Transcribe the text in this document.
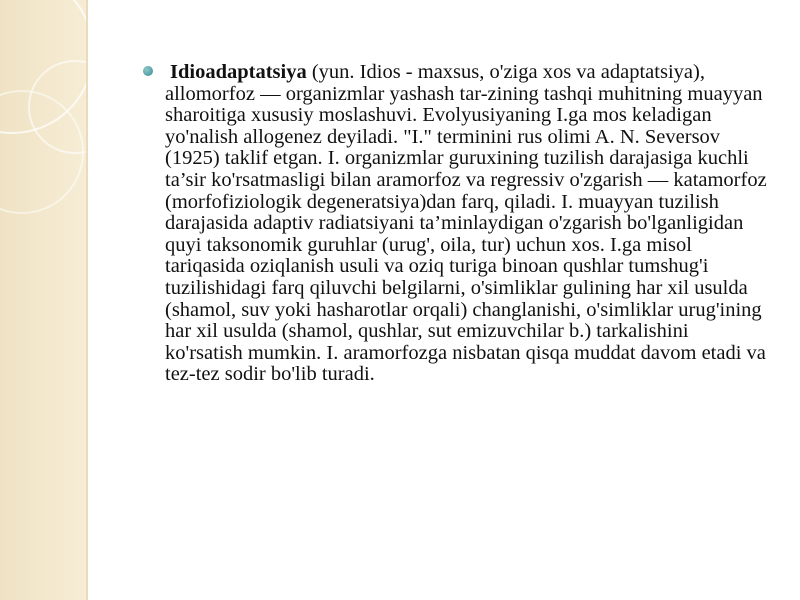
Idioadaptatsiya (yun. Idios - maxsus, o'ziga xos va adaptatsiya), allomorfoz — organizmlar yashash tar-zining tashqi muhitning muayyan sharoitiga xususiy moslashuvi. Evolyusiyaning I.ga mos keladigan yo'nalish allogenez deyiladi. "I." terminini rus olimi A. N. Seversov (1925) taklif etgan. I. organizmlar guruxining tuzilish darajasiga kuchli ta’sir ko'rsatmasligi bilan aramorfoz va regressiv o'zgarish — katamorfoz (morfofiziologik degeneratsiya)dan farq, qiladi. I. muayyan tuzilish darajasida adaptiv radiatsiyani ta’minlaydigan o'zgarish bo'lganligidan quyi taksonomik guruhlar (urug', oila, tur) uchun xos. I.ga misol tariqasida oziqlanish usuli va oziq turiga binoan qushlar tumshug'i tuzilishidagi farq qiluvchi belgilarni, o'simliklar gulining har xil usulda (shamol, suv yoki hasharotlar orqali) changlanishi, o'simliklar urug'ining har xil usulda (shamol, qushlar, sut emizuvchilar b.) tarkalishini ko'rsatish mumkin. I. aramorfozga nisbatan qisqa muddat davom etadi va tez-tez sodir bo'lib turadi.
